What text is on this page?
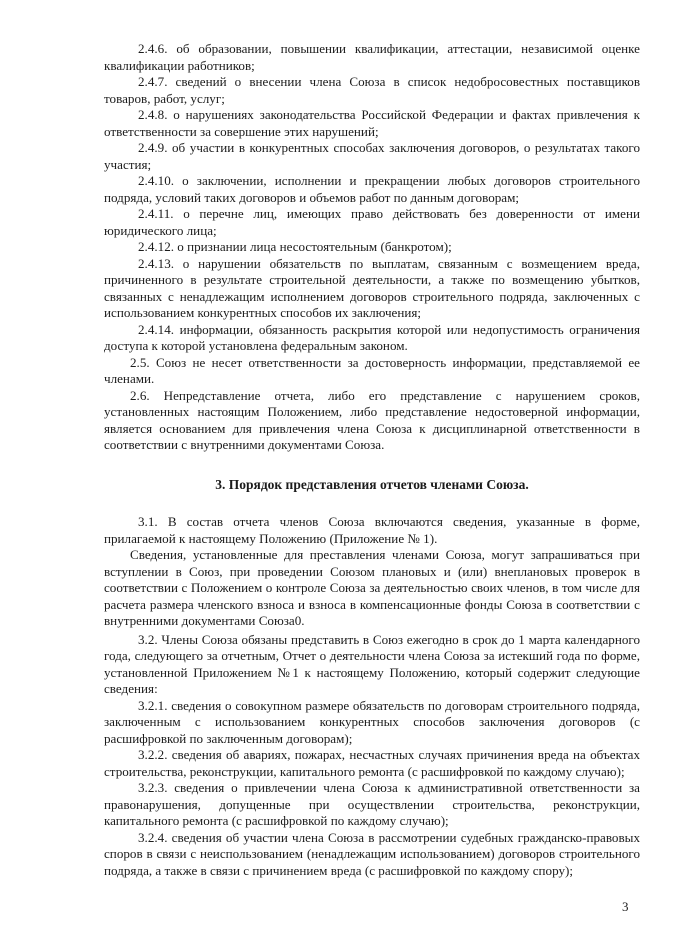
2.4.6. об образовании, повышении квалификации, аттестации, независимой оценке квалификации работников;

2.4.7. сведений о внесении члена Союза в список недобросовестных поставщиков товаров, работ, услуг;

2.4.8. о нарушениях законодательства Российской Федерации и фактах привлечения к ответственности за совершение этих нарушений;

2.4.9. об участии в конкурентных способах заключения договоров, о результатах такого участия;

2.4.10. о заключении, исполнении и прекращении любых договоров строительного подряда, условий таких договоров и объемов работ по данным договорам;

2.4.11. о перечне лиц, имеющих право действовать без доверенности от имени юридического лица;

2.4.12. о признании лица несостоятельным (банкротом);

2.4.13. о нарушении обязательств по выплатам, связанным с возмещением вреда, причиненного в результате строительной деятельности, а также по возмещению убытков, связанных с ненадлежащим исполнением договоров строительного подряда, заключенных с использованием конкурентных способов их заключения;

2.4.14. информации, обязанность раскрытия которой или недопустимость ограничения доступа к которой установлена федеральным законом.

2.5. Союз не несет ответственности за достоверность информации, представляемой ее членами.

2.6. Непредставление отчета, либо его представление с нарушением сроков, установленных настоящим Положением, либо представление недостоверной информации, является основанием для привлечения члена Союза к дисциплинарной ответственности в соответствии с внутренними документами Союза.

3. Порядок представления отчетов членами Союза.

3.1. В состав отчета членов Союза включаются сведения, указанные в форме, прилагаемой к настоящему Положению (Приложение № 1).

Сведения, установленные для преставления членами Союза, могут запрашиваться при вступлении в Союз, при проведении Союзом плановых и (или) внеплановых проверок в соответствии с Положением о контроле Союза за деятельностью своих членов, в том числе для расчета размера членского взноса и взноса в компенсационные фонды Союза в соответствии с внутренними документами Союза0.

3.2. Члены Союза обязаны представить в Союз ежегодно в срок до 1 марта календарного года, следующего за отчетным, Отчет о деятельности члена Союза за истекший года по форме, установленной Приложением №1 к настоящему Положению, который содержит следующие сведения:

3.2.1. сведения о совокупном размере обязательств по договорам строительного подряда, заключенным с использованием конкурентных способов заключения договоров (с расшифровкой по заключенным договорам);

3.2.2. сведения об авариях, пожарах, несчастных случаях причинения вреда на объектах строительства, реконструкции, капитального ремонта (с расшифровкой по каждому случаю);

3.2.3. сведения о привлечении члена Союза к административной ответственности за правонарушения, допущенные при осуществлении строительства, реконструкции, капитального ремонта (с расшифровкой по каждому случаю);

3.2.4. сведения об участии члена Союза в рассмотрении судебных гражданско-правовых споров в связи с неиспользованием (ненадлежащим использованием) договоров строительного подряда, а также в связи с причинением вреда (с расшифровкой по каждому спору);

3
